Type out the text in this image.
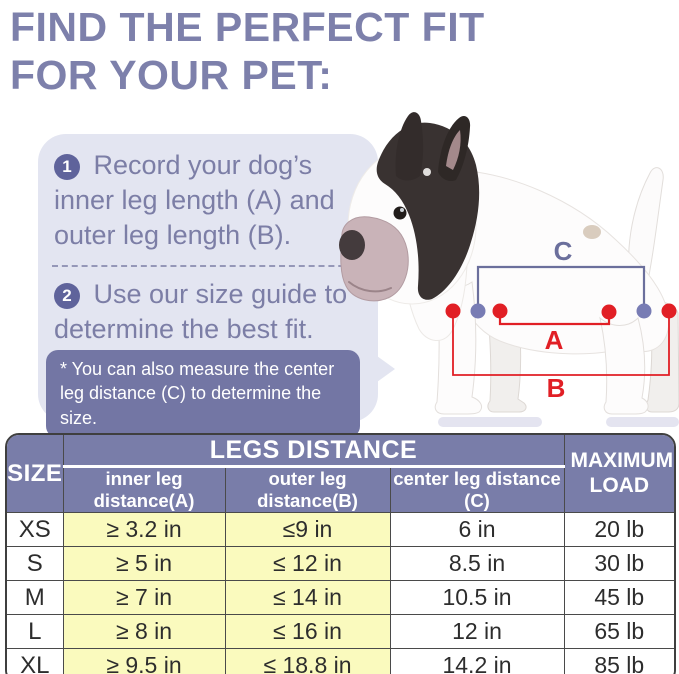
FIND THE PERFECT FIT
FOR YOUR PET:

1 Record your dog’s inner leg length (A) and outer leg length (B).

2 Use our size guide to determine the best fit.

* You can also measure the center leg distance (C) to determine the size.
C
A
B
SIZE	LEGS DISTANCE			MAXIMUM LOAD
	inner leg distance(A)	outer leg distance(B)	center leg distance (C)	
XS	≥ 3.2 in	≤9 in	6 in	20 lb
S	≥ 5 in	≤ 12 in	8.5 in	30 lb
M	≥ 7 in	≤ 14 in	10.5 in	45 lb
L	≥ 8 in	≤ 16 in	12 in	65 lb
XL	≥ 9.5 in	≤ 18.8 in	14.2 in	85 lb
